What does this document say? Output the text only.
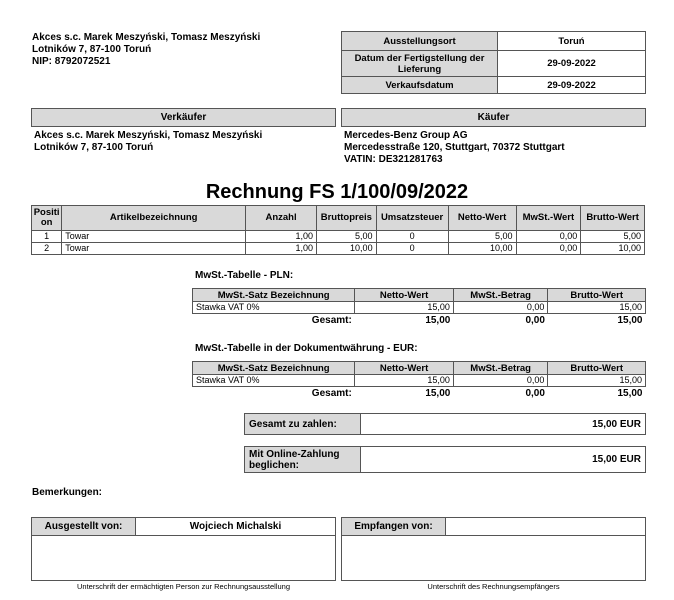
Akces s.c. Marek Meszyński, Tomasz Meszyński
Lotników 7, 87-100 Toruń
NIP: 8792072521
Ausstellungsort	Toruń
Datum der Fertigstellung der Lieferung	29-09-2022
Verkaufsdatum	29-09-2022
Verkäufer
Akces s.c. Marek Meszyński, Tomasz Meszyński
Lotników 7, 87-100 Toruń
Käufer
Mercedes-Benz Group AG
Mercedesstraße 120, Stuttgart, 70372 Stuttgart
VATIN: DE321281763
Rechnung FS 1/100/09/2022
Positi on	Artikelbezeichnung	Anzahl	Bruttopreis	Umsatzsteuer	Netto-Wert	MwSt.-Wert	Brutto-Wert
1	Towar	1,00	5,00	0	5,00	0,00	5,00
2	Towar	1,00	10,00	0	10,00	0,00	10,00
MwSt.-Tabelle - PLN:
MwSt.-Satz Bezeichnung	Netto-Wert	MwSt.-Betrag	Brutto-Wert
Stawka VAT 0%	15,00	0,00	15,00
Gesamt:	15,00	0,00	15,00
MwSt.-Tabelle in der Dokumentwährung - EUR:
MwSt.-Satz Bezeichnung	Netto-Wert	MwSt.-Betrag	Brutto-Wert
Stawka VAT 0%	15,00	0,00	15,00
Gesamt:	15,00	0,00	15,00
Gesamt zu zahlen:	15,00 EUR
Mit Online-Zahlung beglichen:	15,00 EUR
Bemerkungen:
Ausgestellt von:	Wojciech Michalski

Unterschrift der ermächtigten Person zur Rechnungsausstellung
Empfangen von:	

Unterschrift des Rechnungsempfängers
